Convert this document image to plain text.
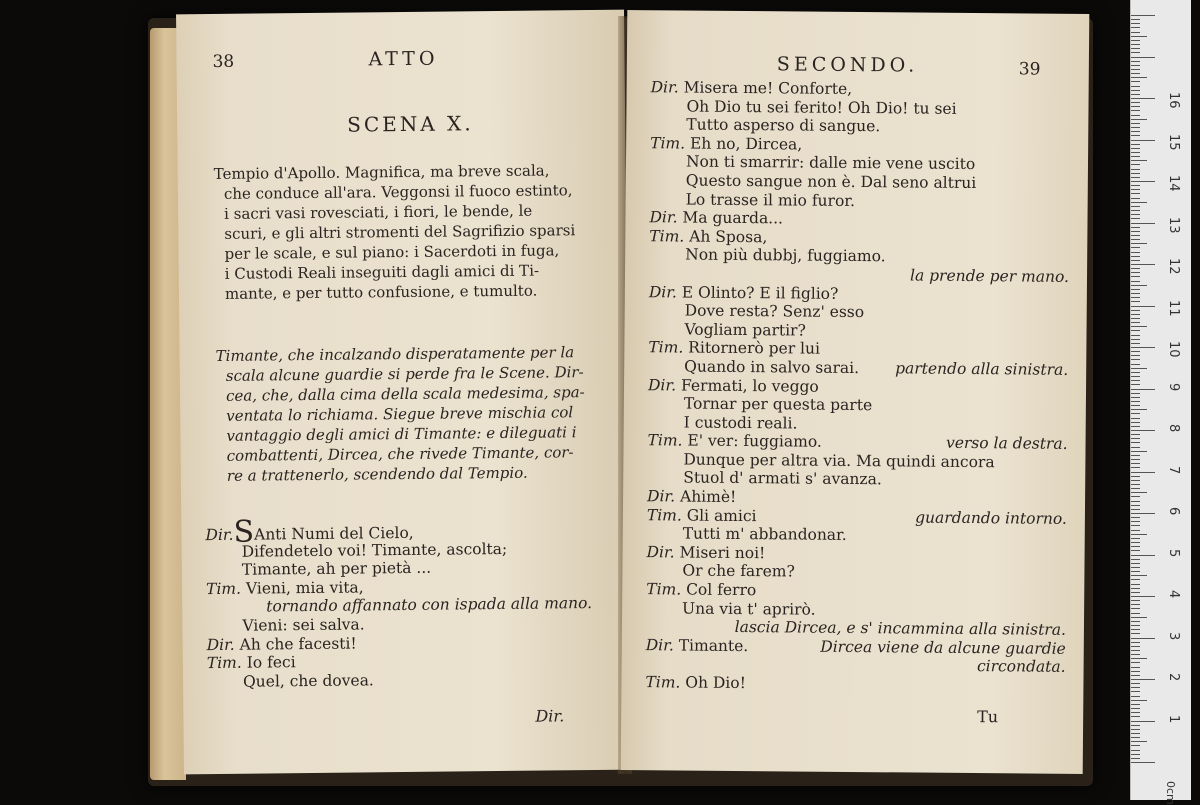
38	ATTO
SCENA X.
Tempio d'Apollo. Magnifica, ma breve scala,
che conduce all'ara. Veggonsi il fuoco estinto,
i sacri vasi rovesciati, i fiori, le bende, le
scuri, e gli altri stromenti del Sagrifizio sparsi
per le scale, e sul piano: i Sacerdoti in fuga,
i Custodi Reali inseguiti dagli amici di Ti-
mante, e per tutto confusione, e tumulto.
Timante, che incalzando disperatamente per la
scala alcune guardie si perde fra le Scene. Dir-
cea, che, dalla cima della scala medesima, spa-
ventata lo richiama. Siegue breve mischia col
vantaggio degli amici di Timante: e dileguati i
combattenti, Dircea, che rivede Timante, cor-
re a trattenerlo, scendendo dal Tempio.
Dir.SAnti Numi del Cielo,
Difendetelo voi! Timante, ascolta;
Timante, ah per pietà ...
Tim. Vieni, mia vita,
tornando affannato con ispada alla mano.
Vieni: sei salva.
Dir. Ah che facesti!
Tim. Io feci
Quel, che dovea.
Dir.
SECONDO.	39
Dir. Misera me! Conforte,
Oh Dio tu sei ferito! Oh Dio! tu sei
Tutto asperso di sangue.
Tim. Eh no, Dircea,
Non ti smarrir: dalle mie vene uscito
Questo sangue non è. Dal seno altrui
Lo trasse il mio furor.
Dir. Ma guarda...
Tim. Ah Sposa,
Non più dubbj, fuggiamo.
la prende per mano.
Dir. E Olinto? E il figlio?
Dove resta? Senz' esso
Vogliam partir?
Tim. Ritornerò per lui
Quando in salvo sarai. partendo alla sinistra.
Dir. Fermati, lo veggo
Tornar per questa parte
I custodi reali.
Tim. E' ver: fuggiamo.	verso la destra.
Dunque per altra via. Ma quindi ancora
Stuol d' armati s' avanza.
Dir. Ahimè!
Tim. Gli amici	guardando intorno.
Tutti m' abbandonar.
Dir. Miseri noi!
Or che farem?
Tim. Col ferro
Una via t' aprirò.
lascia Dircea, e s' incammina alla sinistra.
Dir. Timante.	Dircea viene da alcune guardie
circondata.
Tim. Oh Dio!
Tu
0cm
1
2
3
4
5
6
7
8
9
10
11
12
13
14
15
16
